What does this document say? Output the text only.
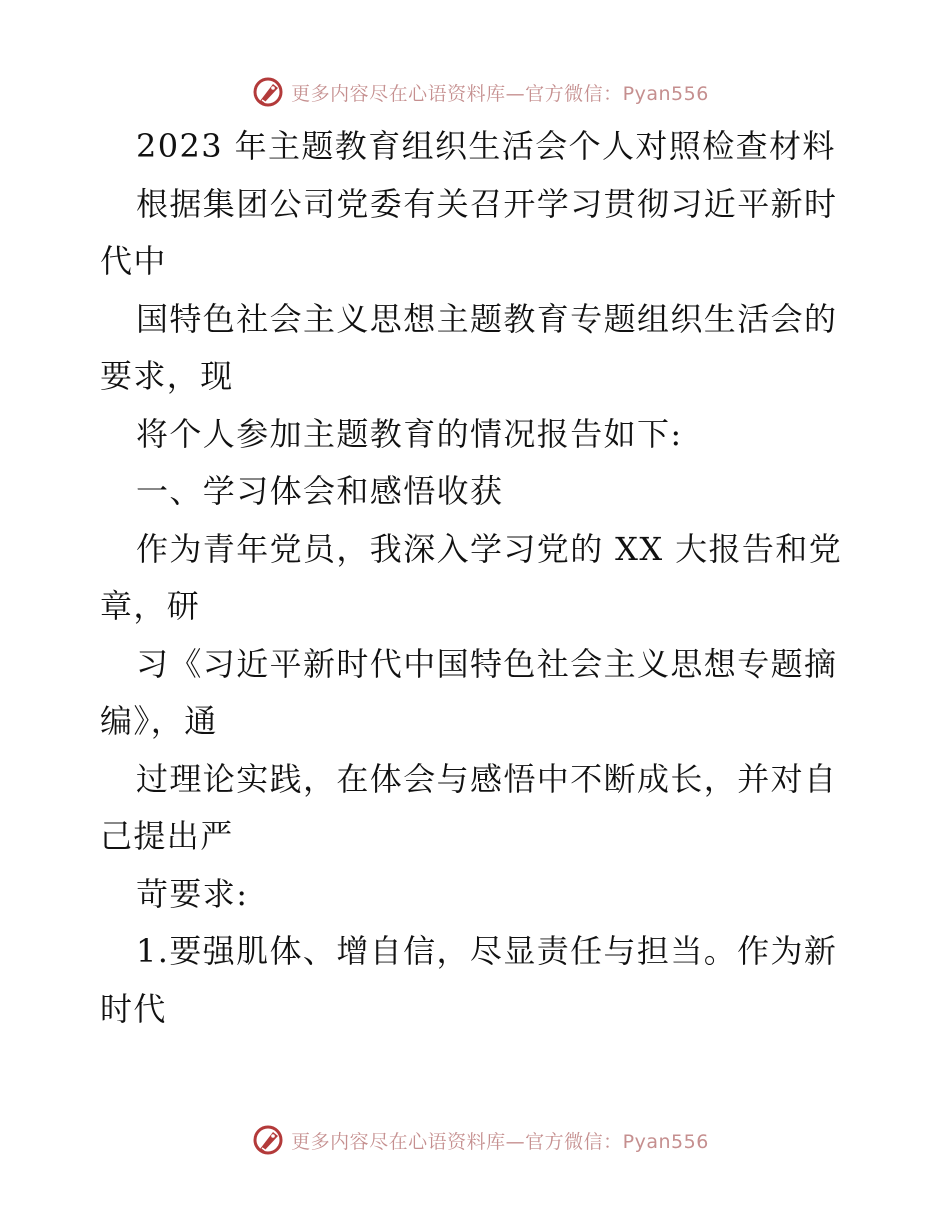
更多内容尽在心语资料库—官方微信：Pyan556
2023 年主题教育组织生活会个人对照检查材料
根据集团公司党委有关召开学习贯彻习近平新时
代中
国特色社会主义思想主题教育专题组织生活会的
要求，现
将个人参加主题教育的情况报告如下:
一、学习体会和感悟收获
作为青年党员，我深入学习党的 XX 大报告和党
章，研
习《习近平新时代中国特色社会主义思想专题摘
编》，通
过理论实践，在体会与感悟中不断成长，并对自
己提出严
苛要求:
1.要强肌体、增自信，尽显责任与担当。作为新
时代
更多内容尽在心语资料库—官方微信：Pyan556
